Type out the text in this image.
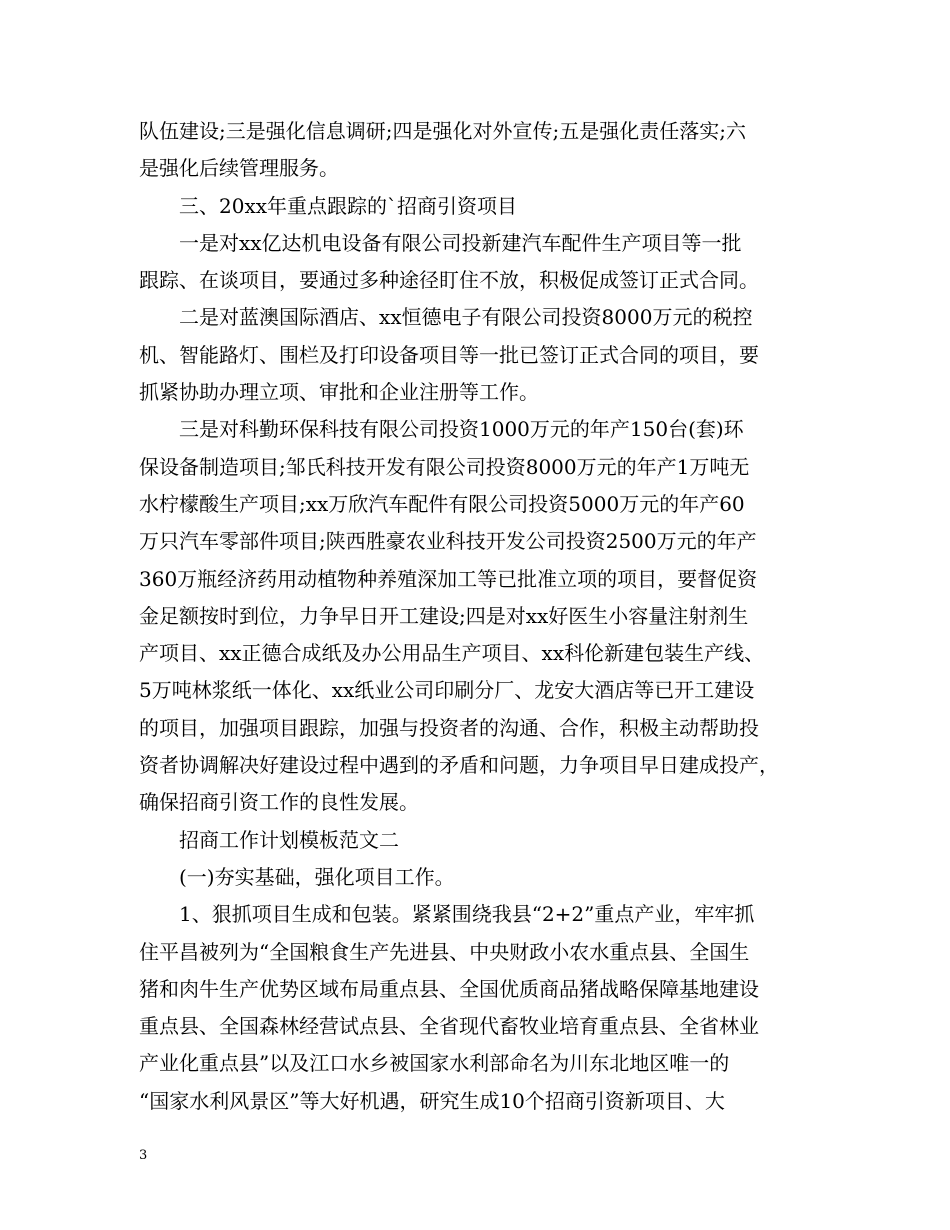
队伍建设;三是强化信息调研;四是强化对外宣传;五是强化责任落实;六
是强化后续管理服务。
　　三、20xx年重点跟踪的`招商引资项目
　　一是对xx亿达机电设备有限公司投新建汽车配件生产项目等一批
跟踪、在谈项目，要通过多种途径盯住不放，积极促成签订正式合同。
　　二是对蓝澳国际酒店、xx恒德电子有限公司投资8000万元的税控
机、智能路灯、围栏及打印设备项目等一批已签订正式合同的项目，要
抓紧协助办理立项、审批和企业注册等工作。
　　三是对科勤环保科技有限公司投资1000万元的年产150台(套)环
保设备制造项目;邹氏科技开发有限公司投资8000万元的年产1万吨无
水柠檬酸生产项目;xx万欣汽车配件有限公司投资5000万元的年产60
万只汽车零部件项目;陕西胜豪农业科技开发公司投资2500万元的年产
360万瓶经济药用动植物种养殖深加工等已批准立项的项目，要督促资
金足额按时到位，力争早日开工建设;四是对xx好医生小容量注射剂生
产项目、xx正德合成纸及办公用品生产项目、xx科伦新建包装生产线、
5万吨林浆纸一体化、xx纸业公司印刷分厂、龙安大酒店等已开工建设
的项目，加强项目跟踪，加强与投资者的沟通、合作，积极主动帮助投
资者协调解决好建设过程中遇到的矛盾和问题，力争项目早日建成投产，
确保招商引资工作的良性发展。
　　招商工作计划模板范文二
　　(一)夯实基础，强化项目工作。
　　1、狠抓项目生成和包装。紧紧围绕我县“2+2”重点产业，牢牢抓
住平昌被列为“全国粮食生产先进县、中央财政小农水重点县、全国生
猪和肉牛生产优势区域布局重点县、全国优质商品猪战略保障基地建设
重点县、全国森林经营试点县、全省现代畜牧业培育重点县、全省林业
产业化重点县”以及江口水乡被国家水利部命名为川东北地区唯一的
“国家水利风景区”等大好机遇，研究生成10个招商引资新项目、大
3
